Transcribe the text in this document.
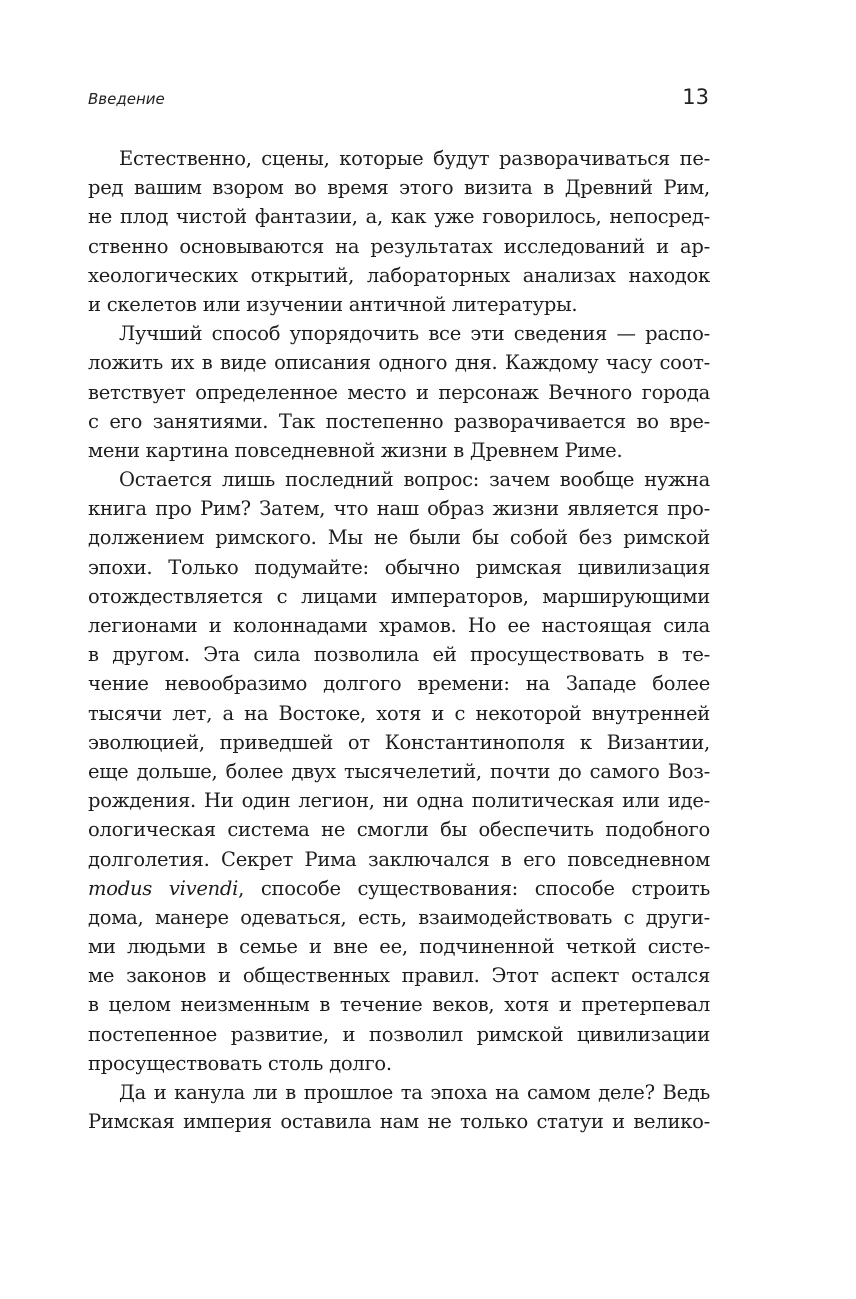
Введение	13
Естественно, сцены, которые будут разворачиваться пе-
ред вашим взором во время этого визита в Древний Рим,
не плод чистой фантазии, а, как уже говорилось, непосред-
ственно основываются на результатах исследований и ар-
хеологических открытий, лабораторных анализах находок
и скелетов или изучении античной литературы.
Лучший способ упорядочить все эти сведения — распо-
ложить их в виде описания одного дня. Каждому часу соот-
ветствует определенное место и персонаж Вечного города
с его занятиями. Так постепенно разворачивается во вре-
мени картина повседневной жизни в Древнем Риме.
Остается лишь последний вопрос: зачем вообще нужна
книга про Рим? Затем, что наш образ жизни является про-
должением римского. Мы не были бы собой без римской
эпохи. Только подумайте: обычно римская цивилизация
отождествляется с лицами императоров, марширующими
легионами и колоннадами храмов. Но ее настоящая сила
в другом. Эта сила позволила ей просуществовать в те-
чение невообразимо долгого времени: на Западе более
тысячи лет, а на Востоке, хотя и с некоторой внутренней
эволюцией, приведшей от Константинополя к Византии,
еще дольше, более двух тысячелетий, почти до самого Воз-
рождения. Ни один легион, ни одна политическая или иде-
ологическая система не смогли бы обеспечить подобного
долголетия. Секрет Рима заключался в его повседневном
modus vivendi, способе существования: способе строить
дома, манере одеваться, есть, взаимодействовать с други-
ми людьми в семье и вне ее, подчиненной четкой систе-
ме законов и общественных правил. Этот аспект остался
в целом неизменным в течение веков, хотя и претерпевал
постепенное развитие, и позволил римской цивилизации
просуществовать столь долго.
Да и канула ли в прошлое та эпоха на самом деле? Ведь
Римская империя оставила нам не только статуи и велико-
